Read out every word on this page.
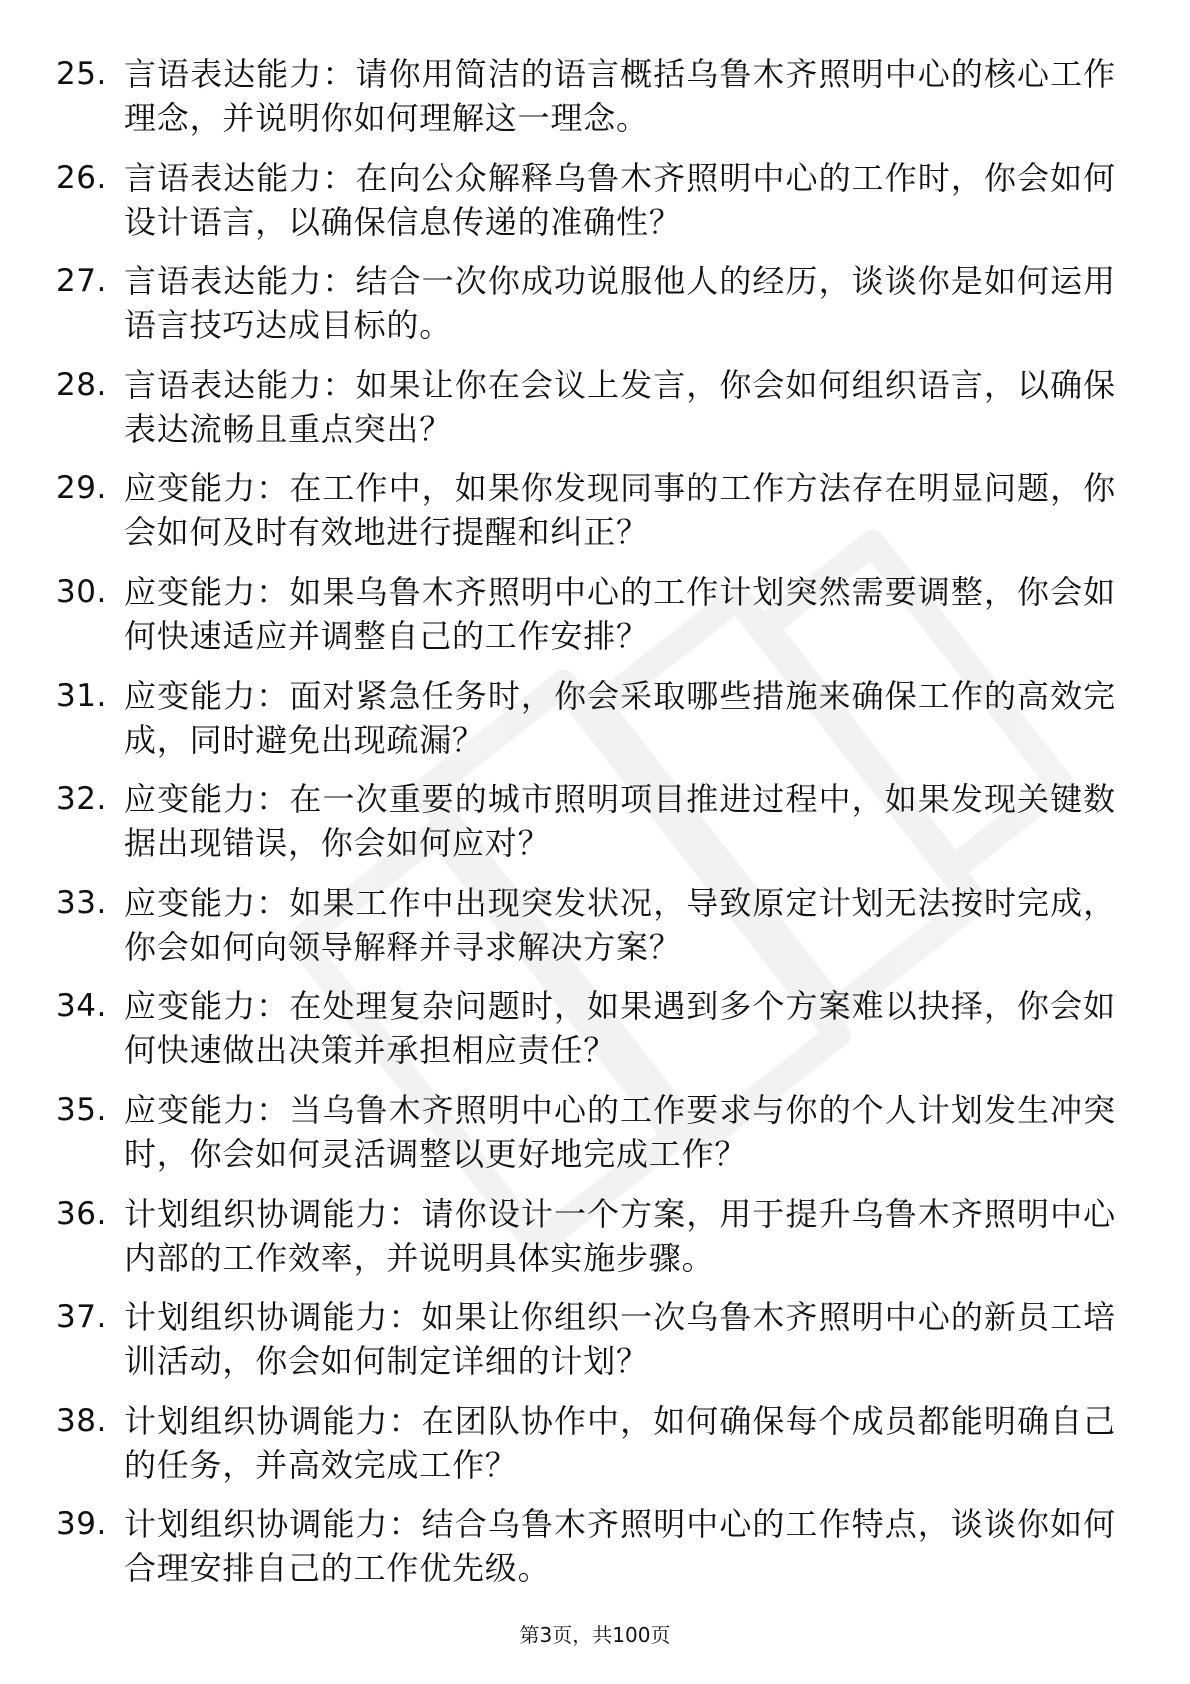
25. 言语表达能力：请你用简洁的语言概括乌鲁木齐照明中心的核心工作理念，并说明你如何理解这一理念。
26. 言语表达能力：在向公众解释乌鲁木齐照明中心的工作时，你会如何设计语言，以确保信息传递的准确性？
27. 言语表达能力：结合一次你成功说服他人的经历，谈谈你是如何运用语言技巧达成目标的。
28. 言语表达能力：如果让你在会议上发言，你会如何组织语言，以确保表达流畅且重点突出？
29. 应变能力：在工作中，如果你发现同事的工作方法存在明显问题，你会如何及时有效地进行提醒和纠正？
30. 应变能力：如果乌鲁木齐照明中心的工作计划突然需要调整，你会如何快速适应并调整自己的工作安排？
31. 应变能力：面对紧急任务时，你会采取哪些措施来确保工作的高效完成，同时避免出现疏漏？
32. 应变能力：在一次重要的城市照明项目推进过程中，如果发现关键数据出现错误，你会如何应对？
33. 应变能力：如果工作中出现突发状况，导致原定计划无法按时完成，你会如何向领导解释并寻求解决方案？
34. 应变能力：在处理复杂问题时，如果遇到多个方案难以抉择，你会如何快速做出决策并承担相应责任？
35. 应变能力：当乌鲁木齐照明中心的工作要求与你的个人计划发生冲突时，你会如何灵活调整以更好地完成工作？
36. 计划组织协调能力：请你设计一个方案，用于提升乌鲁木齐照明中心内部的工作效率，并说明具体实施步骤。
37. 计划组织协调能力：如果让你组织一次乌鲁木齐照明中心的新员工培训活动，你会如何制定详细的计划？
38. 计划组织协调能力：在团队协作中，如何确保每个成员都能明确自己的任务，并高效完成工作？
39. 计划组织协调能力：结合乌鲁木齐照明中心的工作特点，谈谈你如何合理安排自己的工作优先级。
第3页，共100页
